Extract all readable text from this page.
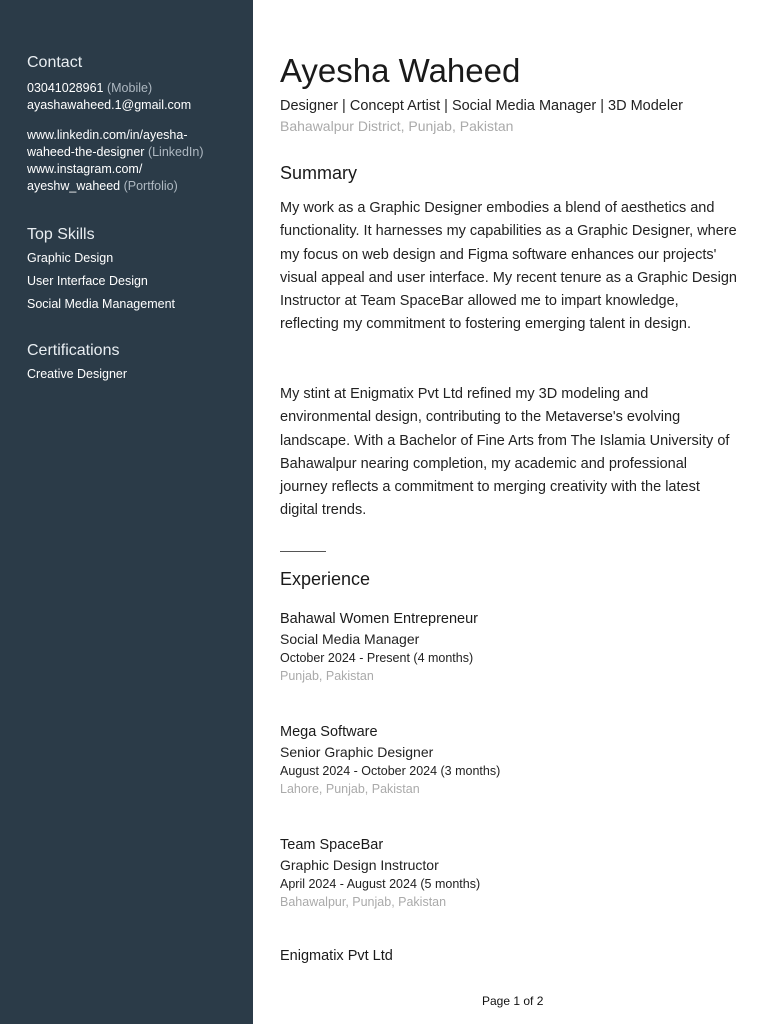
Contact
03041028961 (Mobile)
ayashawaheed.1@gmail.com
www.linkedin.com/in/ayesha-
waheed-the-designer (LinkedIn)
www.instagram.com/
ayeshw_waheed (Portfolio)
Top Skills
Graphic Design
User Interface Design
Social Media Management
Certifications
Creative Designer
Ayesha Waheed
Designer | Concept Artist | Social Media Manager | 3D Modeler
Bahawalpur District, Punjab, Pakistan
Summary
My work as a Graphic Designer embodies a blend of aesthetics and functionality. It harnesses my capabilities as a Graphic Designer, where my focus on web design and Figma software enhances our projects' visual appeal and user interface. My recent tenure as a Graphic Design Instructor at Team SpaceBar allowed me to impart knowledge, reflecting my commitment to fostering emerging talent in design.
My stint at Enigmatix Pvt Ltd refined my 3D modeling and environmental design, contributing to the Metaverse's evolving landscape. With a Bachelor of Fine Arts from The Islamia University of Bahawalpur nearing completion, my academic and professional journey reflects a commitment to merging creativity with the latest digital trends.
Experience
Bahawal Women Entrepreneur
Social Media Manager
October 2024 - Present (4 months)
Punjab, Pakistan
Mega Software
Senior Graphic Designer
August 2024 - October 2024 (3 months)
Lahore, Punjab, Pakistan
Team SpaceBar
Graphic Design Instructor
April 2024 - August 2024 (5 months)
Bahawalpur, Punjab, Pakistan
Enigmatix Pvt Ltd
Page 1 of 2
